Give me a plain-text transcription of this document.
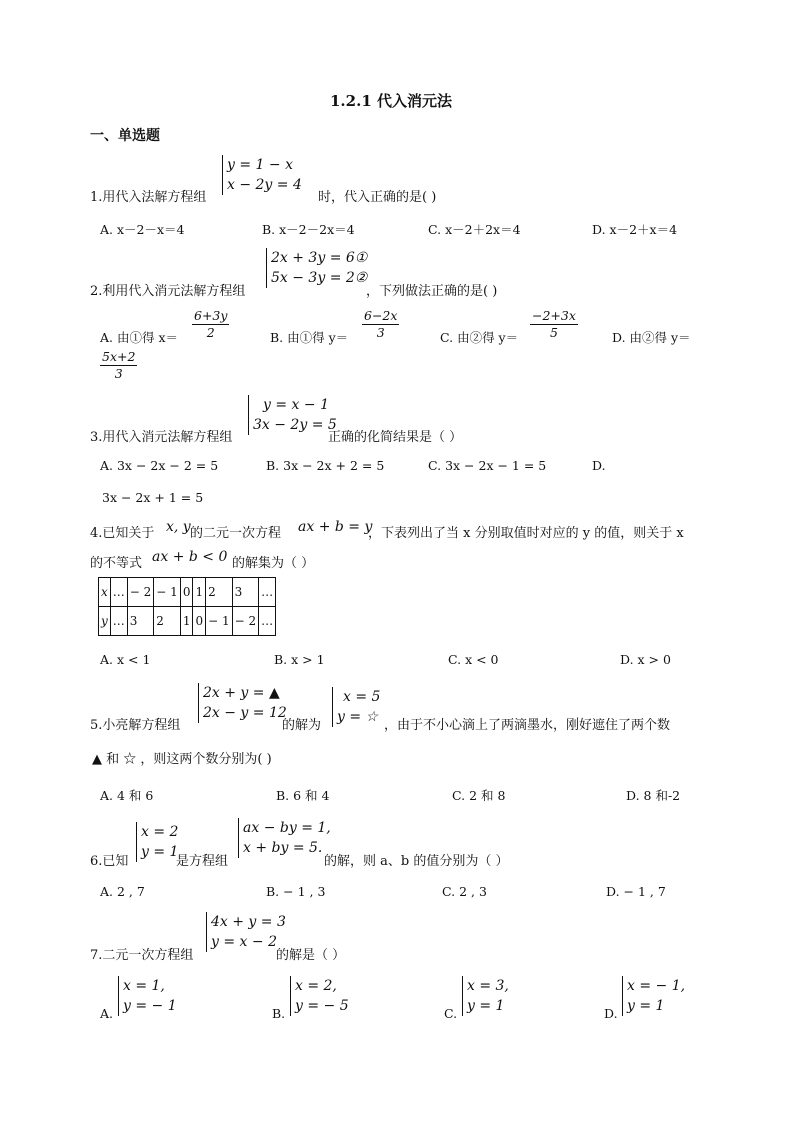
1.2.1 代入消元法
一、单选题
1.用代入法解方程组
y = 1 − x
x − 2y = 4
时，代入正确的是( )
A. x－2－x＝4	B. x－2－2x＝4	C. x－2＋2x＝4	D. x－2＋x＝4
2.利用代入消元法解方程组
2x + 3y = 6①
5x − 3y = 2②
，下列做法正确的是( )
A. 由①得 $x= \frac{6+3y}{2}$	B. 由①得 $y= \frac{6-2x}{3}$	C. 由②得 $y= \frac{-2+3x}{5}$	D. 由②得 y＝
$\frac{5x+2}{3}$
3.用代入消元法解方程组
y = x − 1
3x − 2y = 5
正确的化简结果是（ ）
A. 3x − 2x − 2 = 5	B. 3x − 2x + 2 = 5	C. 3x − 2x − 1 = 5	D.
3x − 2x + 1 = 5
4.已知关于 x, y 的二元一次方程 ax + b = y
，下表列出了当 x 分别取值时对应的 y 的值，则关于 x
的不等式 ax + b < 0 的解集为（ ）
x	…	− 2	− 1	0	1	2	3	…
y	…	3	2	1	0	− 1	− 2	…
A. x < 1	B. x > 1	C. x < 0	D. x > 0
5.小亮解方程组
2x + y = ▲
2x − y = 12
的解为
x = 5
y = ☆
，由于不小心滴上了两滴墨水，刚好遮住了两个数
▲ 和 ☆ ，则这两个数分别为( )
A. 4 和 6	B. 6 和 4	C. 2 和 8	D. 8 和-2
6.已知
x = 2
y = 1
是方程组
ax − by = 1,
x + by = 5.
的解，则 a、b 的值分别为（ ）
A. 2 , 7	B. − 1 , 3	C. 2 , 3	D. − 1 , 7
7.二元一次方程组
4x + y = 3
y = x − 2
的解是（ ）
A.
x = 1,
y = − 1	B.
x = 2,
y = − 5	C.
x = 3,
y = 1	D.
x = − 1,
y = 1
